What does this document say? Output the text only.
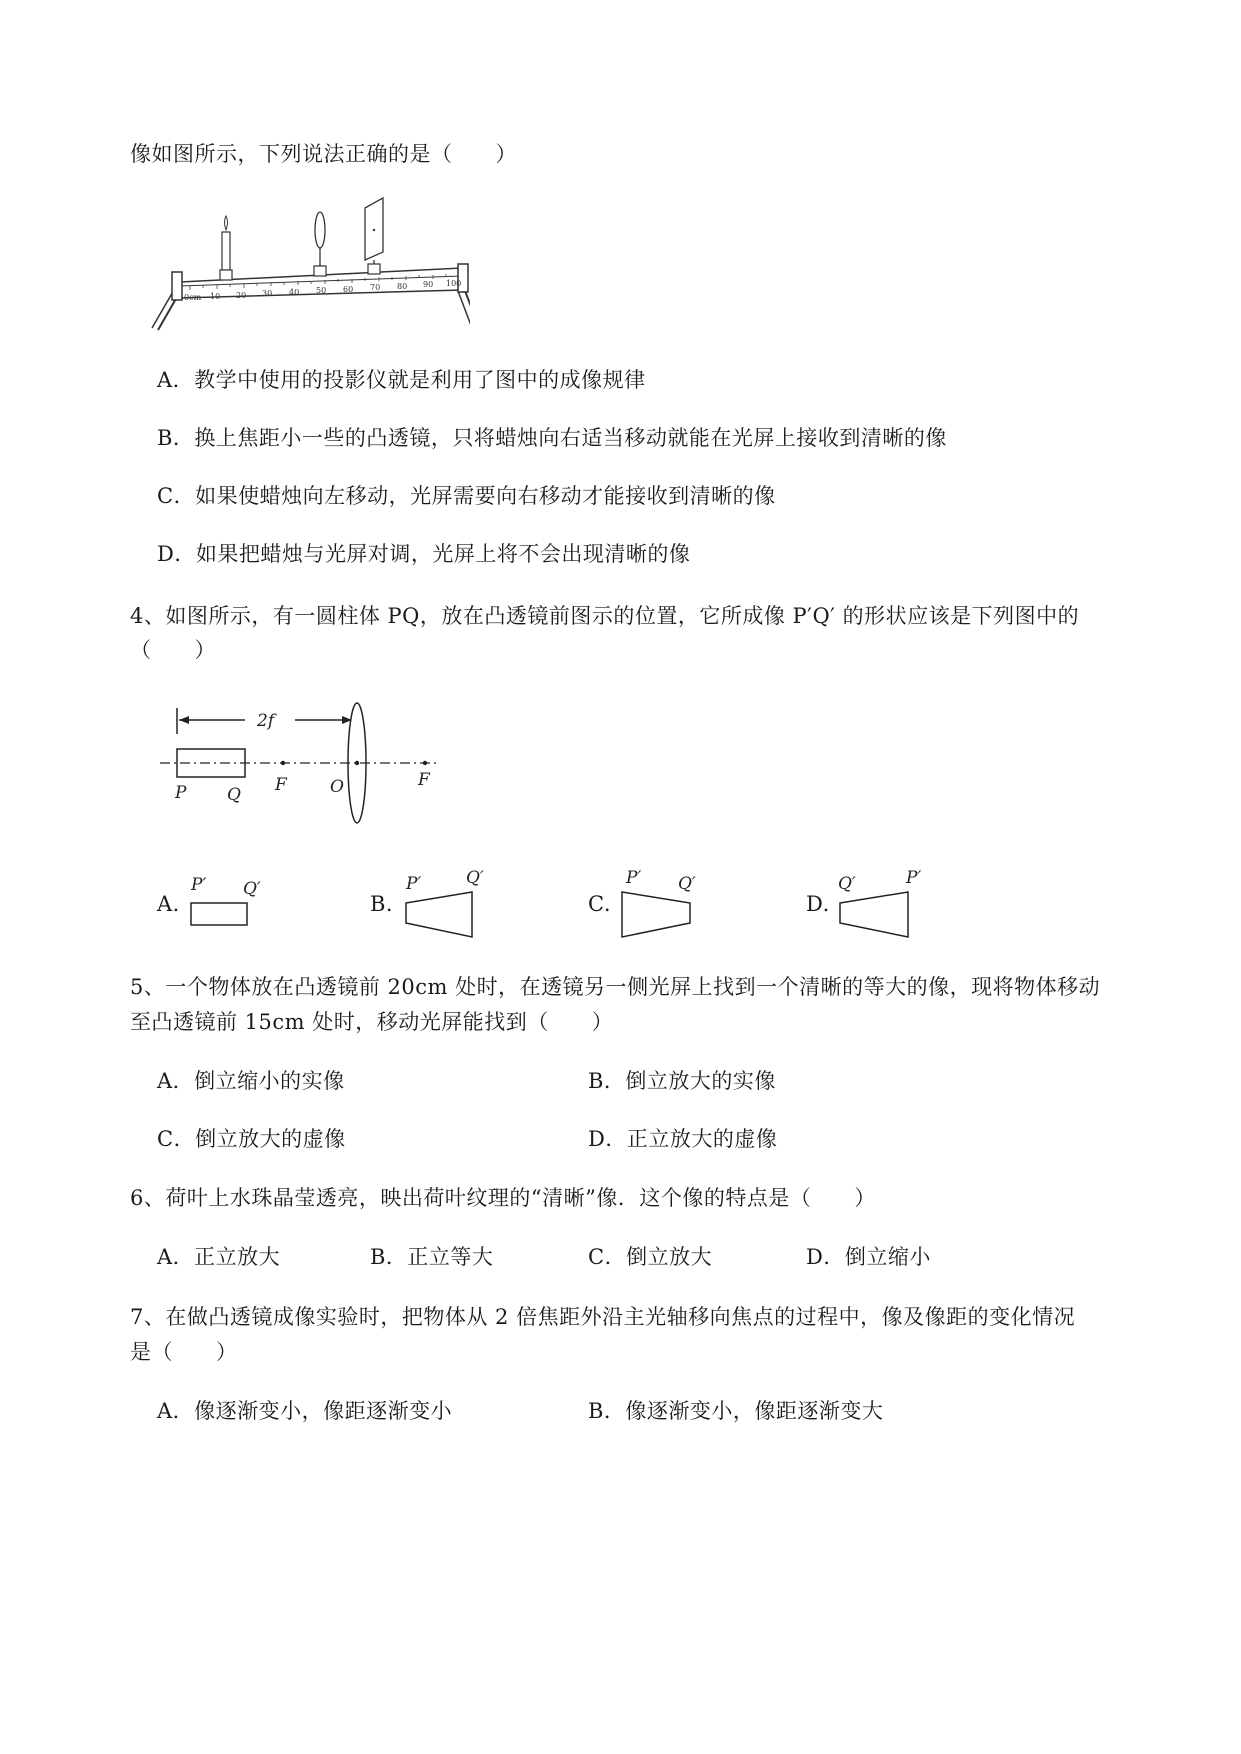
像如图所示，下列说法正确的是（　　）
0cm 10 20 30 40 50 60 70 80 90 100
A．教学中使用的投影仪就是利用了图中的成像规律
B．换上焦距小一些的凸透镜，只将蜡烛向右适当移动就能在光屏上接收到清晰的像
C．如果使蜡烛向左移动，光屏需要向右移动才能接收到清晰的像
D．如果把蜡烛与光屏对调，光屏上将不会出现清晰的像
4、如图所示，有一圆柱体 PQ，放在凸透镜前图示的位置，它所成像 P′Q′ 的形状应该是下列图中的
（　　）
2f
P Q F	O	F
A.
P′ Q′
B.
P′	Q′
C.
P′ Q′
D.
Q′	P′
5、一个物体放在凸透镜前 20cm 处时，在透镜另一侧光屏上找到一个清晰的等大的像，现将物体移动
至凸透镜前 15cm 处时，移动光屏能找到（　　）
A．倒立缩小的实像	B．倒立放大的实像
C．倒立放大的虚像	D．正立放大的虚像
6、荷叶上水珠晶莹透亮，映出荷叶纹理的“清晰”像．这个像的特点是（　　）
A．正立放大	B．正立等大	C．倒立放大	D．倒立缩小
7、在做凸透镜成像实验时，把物体从 2 倍焦距外沿主光轴移向焦点的过程中，像及像距的变化情况
是（　　）
A．像逐渐变小，像距逐渐变小	B．像逐渐变小，像距逐渐变大
